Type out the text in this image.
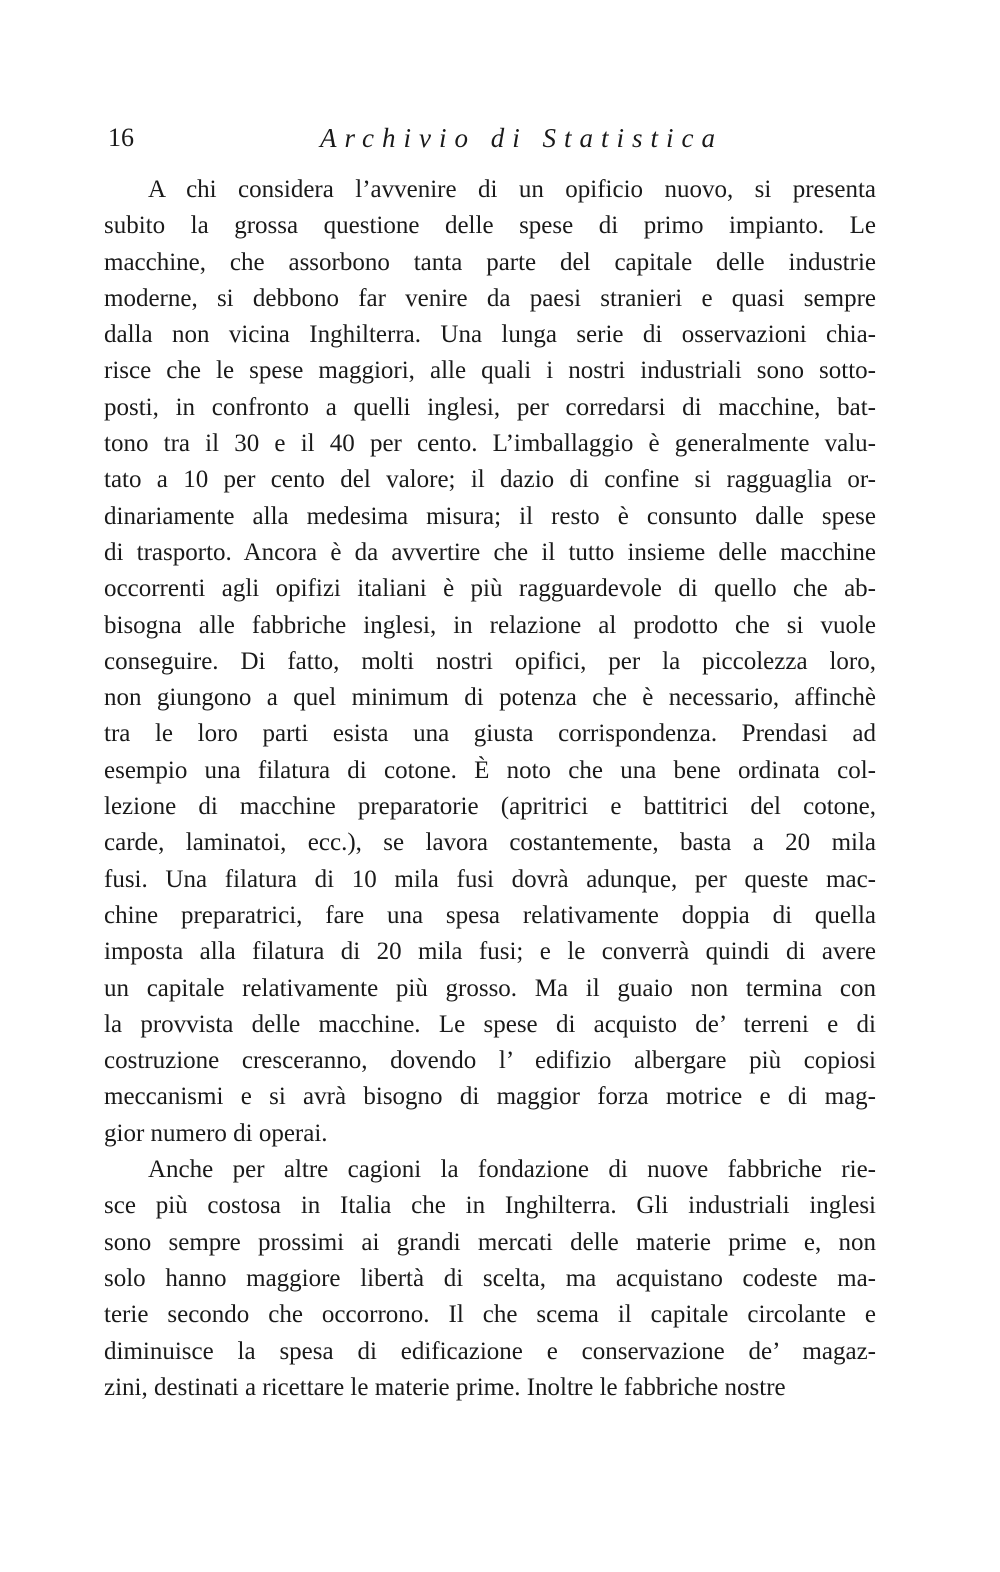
16	Archivio di Statistica
A chi considera l’avvenire di un opificio nuovo, si presenta
subito la grossa questione delle spese di primo impianto. Le
macchine, che assorbono tanta parte del capitale delle industrie
moderne, si debbono far venire da paesi stranieri e quasi sempre
dalla non vicina Inghilterra. Una lunga serie di osservazioni chia-
risce che le spese maggiori, alle quali i nostri industriali sono sotto-
posti, in confronto a quelli inglesi, per corredarsi di macchine, bat-
tono tra il 30 e il 40 per cento. L’imballaggio è generalmente valu-
tato a 10 per cento del valore; il dazio di confine si ragguaglia or-
dinariamente alla medesima misura; il resto è consunto dalle spese
di trasporto. Ancora è da avvertire che il tutto insieme delle macchine
occorrenti agli opifizi italiani è più ragguardevole di quello che ab-
bisogna alle fabbriche inglesi, in relazione al prodotto che si vuole
conseguire. Di fatto, molti nostri opifici, per la piccolezza loro,
non giungono a quel minimum di potenza che è necessario, affinchè
tra le loro parti esista una giusta corrispondenza. Prendasi ad
esempio una filatura di cotone. È noto che una bene ordinata col-
lezione di macchine preparatorie (apritrici e battitrici del cotone,
carde, laminatoi, ecc.), se lavora costantemente, basta a 20 mila
fusi. Una filatura di 10 mila fusi dovrà adunque, per queste mac-
chine preparatrici, fare una spesa relativamente doppia di quella
imposta alla filatura di 20 mila fusi; e le converrà quindi di avere
un capitale relativamente più grosso. Ma il guaio non termina con
la provvista delle macchine. Le spese di acquisto de’ terreni e di
costruzione cresceranno, dovendo l’ edifizio albergare più copiosi
meccanismi e si avrà bisogno di maggior forza motrice e di mag-
gior numero di operai.
Anche per altre cagioni la fondazione di nuove fabbriche rie-
sce più costosa in Italia che in Inghilterra. Gli industriali inglesi
sono sempre prossimi ai grandi mercati delle materie prime e, non
solo hanno maggiore libertà di scelta, ma acquistano codeste ma-
terie secondo che occorrono. Il che scema il capitale circolante e
diminuisce la spesa di edificazione e conservazione de’ magaz-
zini, destinati a ricettare le materie prime. Inoltre le fabbriche nostre
